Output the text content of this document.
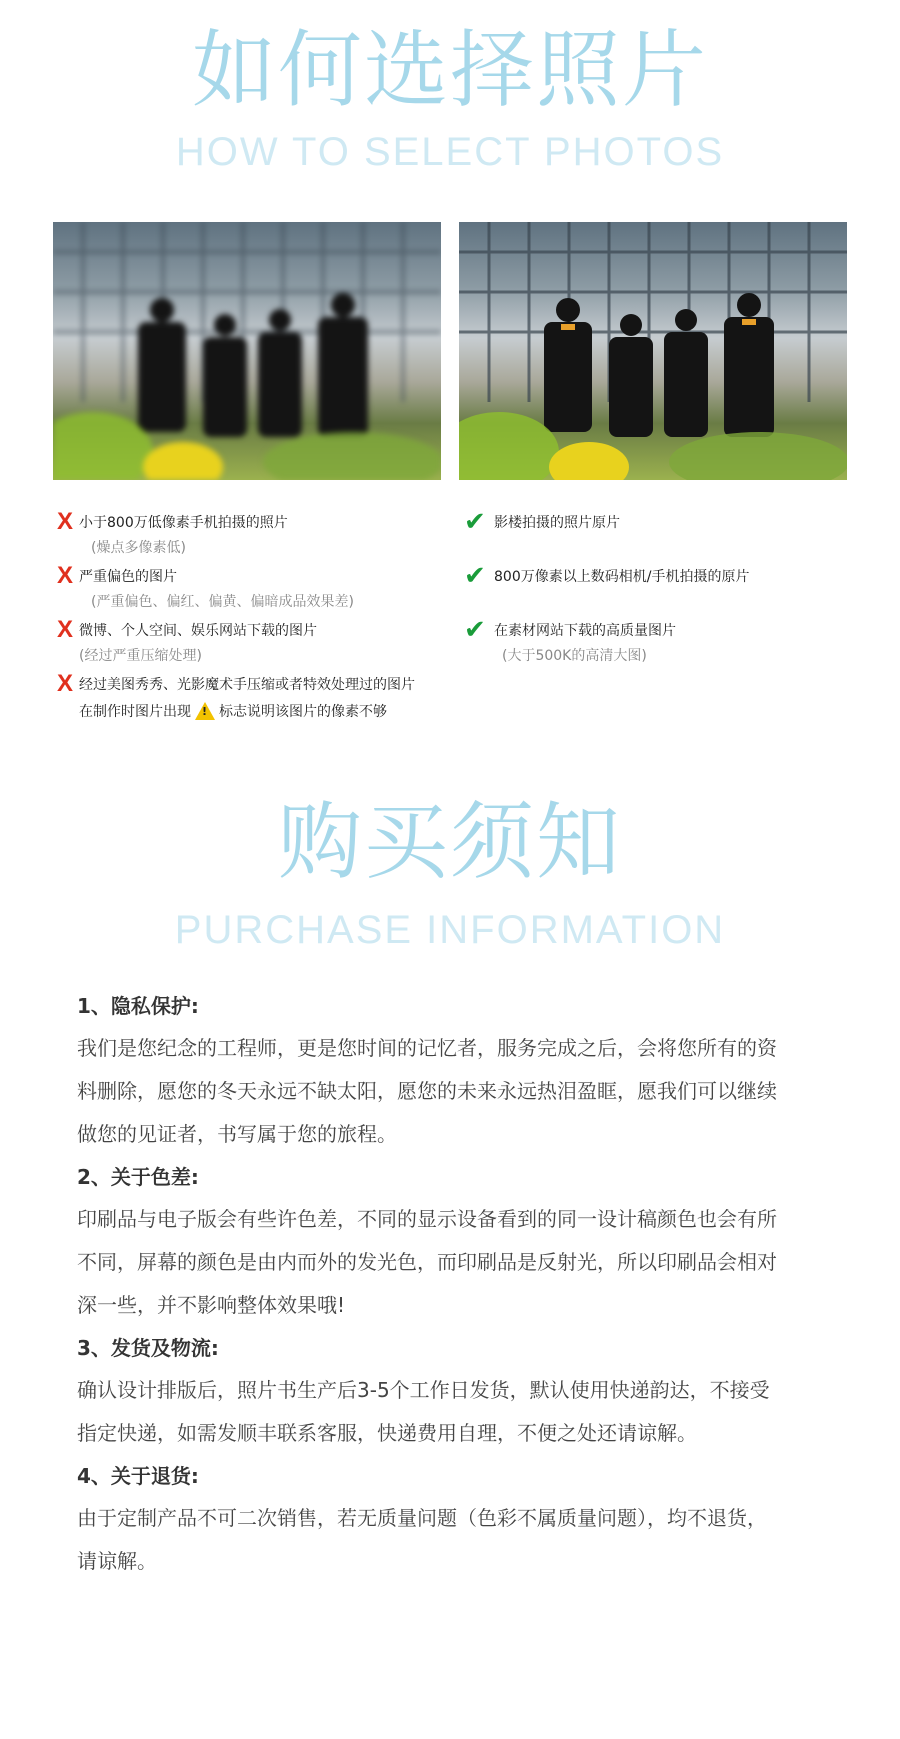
如何选择照片
HOW TO SELECT PHOTOS
X 小于800万低像素手机拍摄的照片
(燥点多像素低)
X 严重偏色的图片
(严重偏色、偏红、偏黄、偏暗成品效果差)
X 微博、个人空间、娱乐网站下载的图片
(经过严重压缩处理)
X 经过美图秀秀、光影魔术手压缩或者特效处理过的图片
在制作时图片出现 ! 标志说明该图片的像素不够
✔ 影楼拍摄的照片原片
✔ 800万像素以上数码相机/手机拍摄的原片
✔ 在素材网站下载的高质量图片
(大于500K的高清大图)
购买须知
PURCHASE INFORMATION
1、隐私保护:

我们是您纪念的工程师，更是您时间的记忆者，服务完成之后，会将您所有的资

料删除，愿您的冬天永远不缺太阳，愿您的未来永远热泪盈眶，愿我们可以继续

做您的见证者，书写属于您的旅程。

2、关于色差:

印刷品与电子版会有些许色差，不同的显示设备看到的同一设计稿颜色也会有所

不同，屏幕的颜色是由内而外的发光色，而印刷品是反射光，所以印刷品会相对

深一些，并不影响整体效果哦!

3、发货及物流:

确认设计排版后，照片书生产后3-5个工作日发货，默认使用快递韵达，不接受

指定快递，如需发顺丰联系客服，快递费用自理，不便之处还请谅解。

4、关于退货:

由于定制产品不可二次销售，若无质量问题（色彩不属质量问题），均不退货，

请谅解。
